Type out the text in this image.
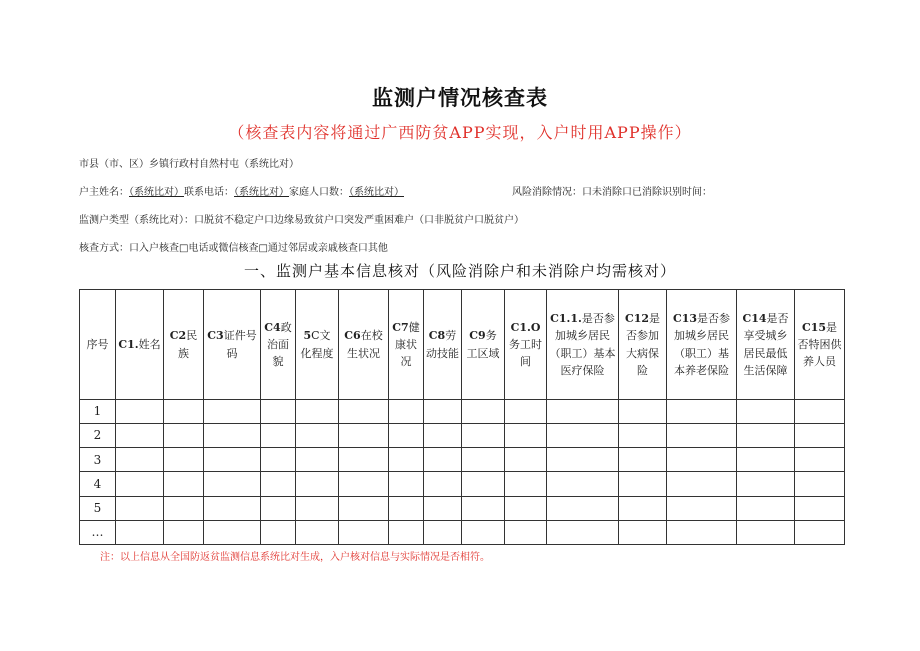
监测户情况核查表
（核查表内容将通过广西防贫APP实现，入户时用APP操作）
市县（市、区）乡镇行政村自然村屯（系统比对）
户主姓名：（系统比对）联系电话：（系统比对）家庭人口数：（系统比对）	风险消除情况：口未消除口已消除识别时间：
监测户类型（系统比对）：口脱贫不稳定户口边缘易致贫户口突发严重困难户（口非脱贫户口脱贫户）
核查方式：口入户核查□电话或微信核查□通过邻居或亲戚核查口其他
一、监测户基本信息核对（风险消除户和未消除户均需核对）
序号	C1.姓名	C2民族	C3证件号码	C4政治面貌	5C文化程度	C6在校生状况	C7健康状况	C8劳动技能	C9务工区域	C1.O务工时间	C1.1.是否参加城乡居民（职工）基本医疗保险	C12是否参加大病保险	C13是否参加城乡居民（职工）基本养老保险	C14是否享受城乡居民最低生活保障	C15是否特困供养人员
1															
2															
3															
4															
5															
…															
注：以上信息从全国防返贫监测信息系统比对生成，入户核对信息与实际情况是否相符。
